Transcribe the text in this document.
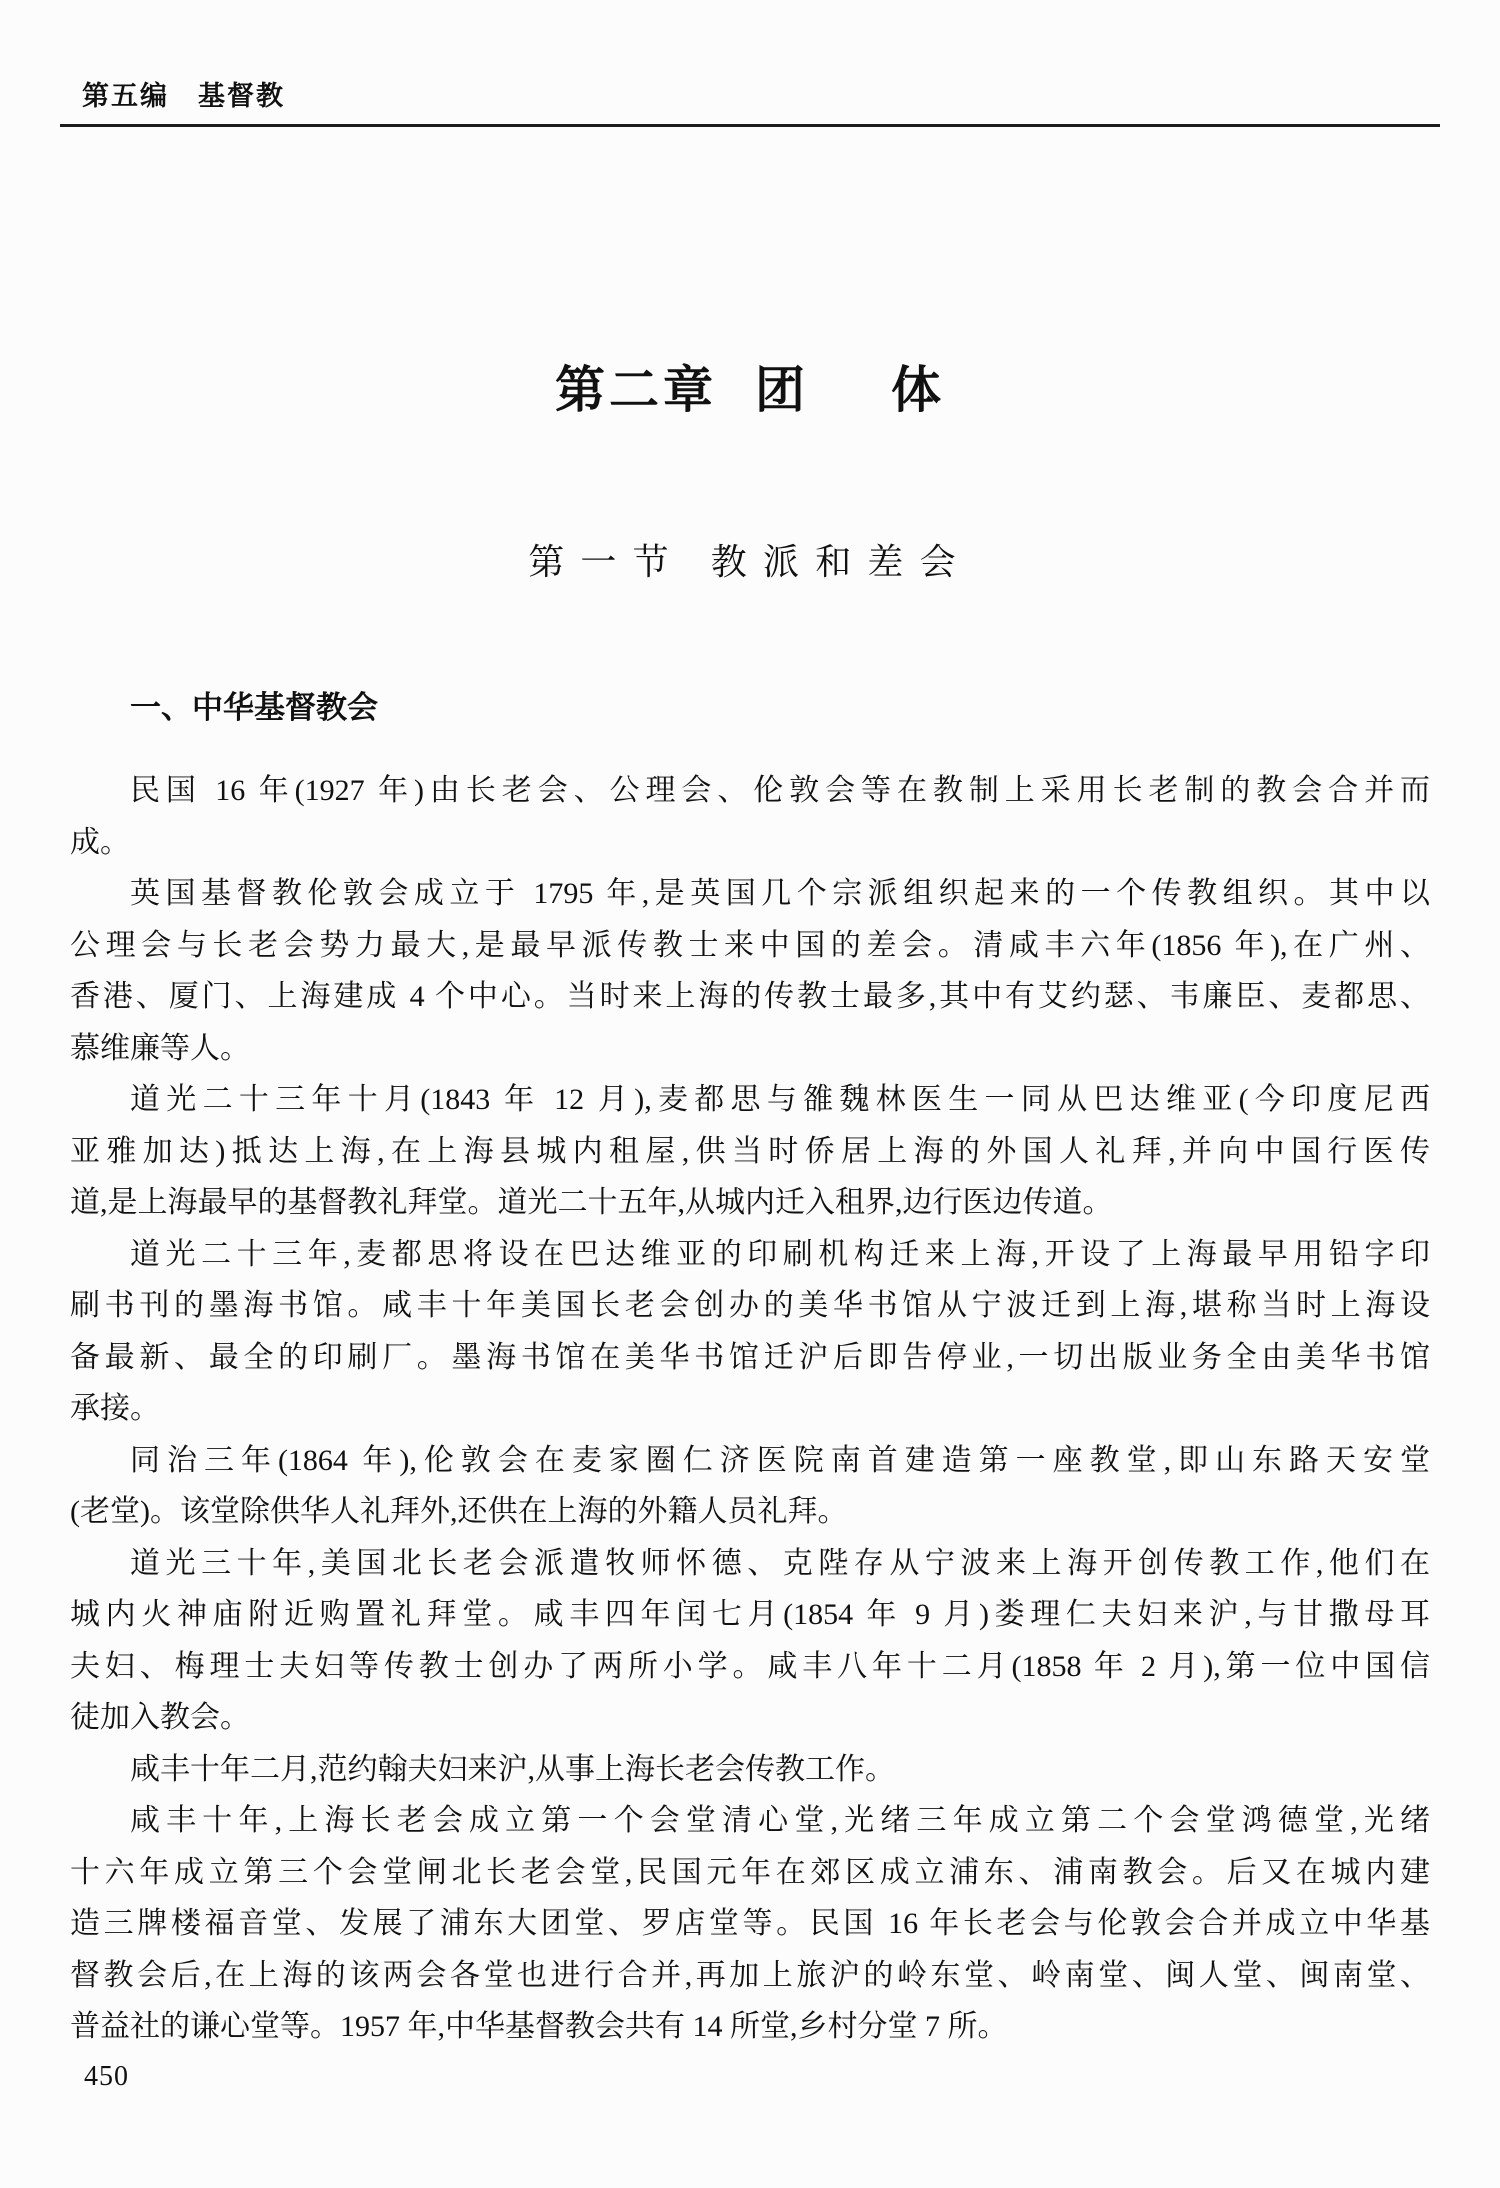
第五编　基督教
第二章 团 体
第一节 教派和差会
一、中华基督教会
民国 16 年(1927 年)由长老会、公理会、伦敦会等在教制上采用长老制的教会合并而
成。
英国基督教伦敦会成立于 1795 年,是英国几个宗派组织起来的一个传教组织。其中以
公理会与长老会势力最大,是最早派传教士来中国的差会。清咸丰六年(1856 年),在广州、
香港、厦门、上海建成 4 个中心。当时来上海的传教士最多,其中有艾约瑟、韦廉臣、麦都思、
慕维廉等人。
道光二十三年十月(1843 年 12 月),麦都思与雒魏林医生一同从巴达维亚(今印度尼西
亚雅加达)抵达上海,在上海县城内租屋,供当时侨居上海的外国人礼拜,并向中国行医传
道,是上海最早的基督教礼拜堂。道光二十五年,从城内迁入租界,边行医边传道。
道光二十三年,麦都思将设在巴达维亚的印刷机构迁来上海,开设了上海最早用铅字印
刷书刊的墨海书馆。咸丰十年美国长老会创办的美华书馆从宁波迁到上海,堪称当时上海设
备最新、最全的印刷厂。墨海书馆在美华书馆迁沪后即告停业,一切出版业务全由美华书馆
承接。
同治三年(1864 年),伦敦会在麦家圈仁济医院南首建造第一座教堂,即山东路天安堂
(老堂)。该堂除供华人礼拜外,还供在上海的外籍人员礼拜。
道光三十年,美国北长老会派遣牧师怀德、克陛存从宁波来上海开创传教工作,他们在
城内火神庙附近购置礼拜堂。咸丰四年闰七月(1854 年 9 月)娄理仁夫妇来沪,与甘撒母耳
夫妇、梅理士夫妇等传教士创办了两所小学。咸丰八年十二月(1858 年 2 月),第一位中国信
徒加入教会。
咸丰十年二月,范约翰夫妇来沪,从事上海长老会传教工作。
咸丰十年,上海长老会成立第一个会堂清心堂,光绪三年成立第二个会堂鸿德堂,光绪
十六年成立第三个会堂闸北长老会堂,民国元年在郊区成立浦东、浦南教会。后又在城内建
造三牌楼福音堂、发展了浦东大团堂、罗店堂等。民国 16 年长老会与伦敦会合并成立中华基
督教会后,在上海的该两会各堂也进行合并,再加上旅沪的岭东堂、岭南堂、闽人堂、闽南堂、
普益社的谦心堂等。1957 年,中华基督教会共有 14 所堂,乡村分堂 7 所。
450
